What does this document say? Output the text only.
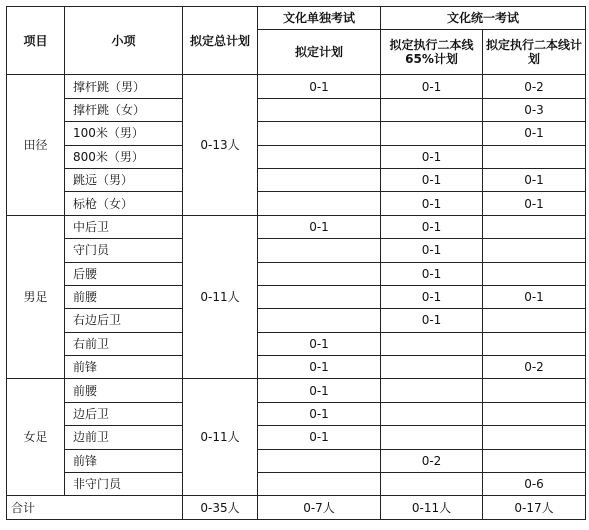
项目	小项	拟定总计划	文化单独考试	文化统一考试	
			拟定计划	拟定执行二本线65%计划	拟定执行二本线计划
田径	撑杆跳（男）	0-13人	0-1	0-1	0-2
	撑杆跳（女）				0-3
	100米（男）				0-1
	800米（男）			0-1	
	跳远（男）			0-1	0-1
	标枪（女）			0-1	0-1
男足	中后卫	0-11人	0-1	0-1	
	守门员			0-1	
	后腰			0-1	
	前腰			0-1	0-1
	右边后卫			0-1	
	右前卫		0-1		
	前锋		0-1		0-2
女足	前腰	0-11人	0-1		
	边后卫		0-1		
	边前卫		0-1		
	前锋			0-2	
	非守门员				0-6
合计		0-35人	0-7人	0-11人	0-17人
